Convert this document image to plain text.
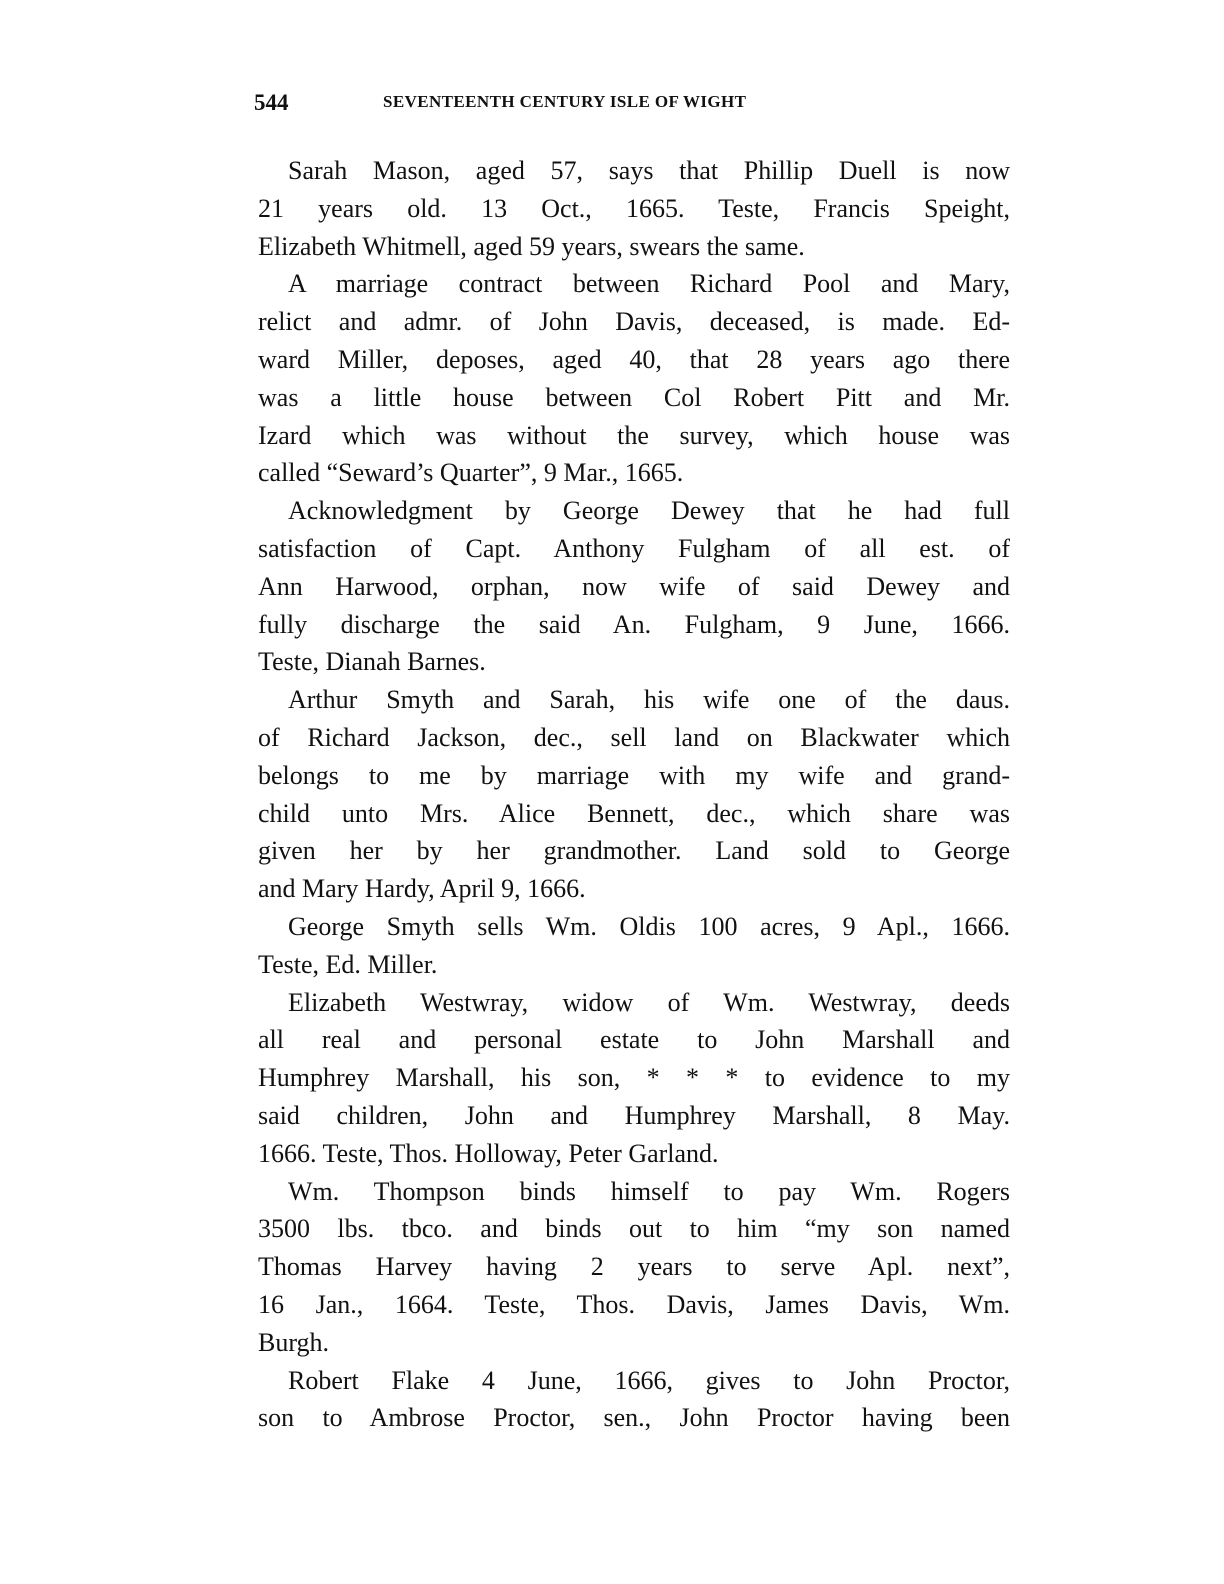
544	SEVENTEENTH CENTURY ISLE OF WIGHT
Sarah Mason, aged 57, says that Phillip Duell is now
21 years old. 13 Oct., 1665. Teste, Francis Speight,
Elizabeth Whitmell, aged 59 years, swears the same.
A marriage contract between Richard Pool and Mary,
relict and admr. of John Davis, deceased, is made. Ed-
ward Miller, deposes, aged 40, that 28 years ago there
was a little house between Col Robert Pitt and Mr.
Izard which was without the survey, which house was
called “Seward’s Quarter”, 9 Mar., 1665.
Acknowledgment by George Dewey that he had full
satisfaction of Capt. Anthony Fulgham of all est. of
Ann Harwood, orphan, now wife of said Dewey and
fully discharge the said An. Fulgham, 9 June, 1666.
Teste, Dianah Barnes.
Arthur Smyth and Sarah, his wife one of the daus.
of Richard Jackson, dec., sell land on Blackwater which
belongs to me by marriage with my wife and grand-
child unto Mrs. Alice Bennett, dec., which share was
given her by her grandmother. Land sold to George
and Mary Hardy, April 9, 1666.
George Smyth sells Wm. Oldis 100 acres, 9 Apl., 1666.
Teste, Ed. Miller.
Elizabeth Westwray, widow of Wm. Westwray, deeds
all real and personal estate to John Marshall and
Humphrey Marshall, his son, * * * to evidence to my
said children, John and Humphrey Marshall, 8 May.
1666. Teste, Thos. Holloway, Peter Garland.
Wm. Thompson binds himself to pay Wm. Rogers
3500 lbs. tbco. and binds out to him “my son named
Thomas Harvey having 2 years to serve Apl. next”,
16 Jan., 1664. Teste, Thos. Davis, James Davis, Wm.
Burgh.
Robert Flake 4 June, 1666, gives to John Proctor,
son to Ambrose Proctor, sen., John Proctor having been
